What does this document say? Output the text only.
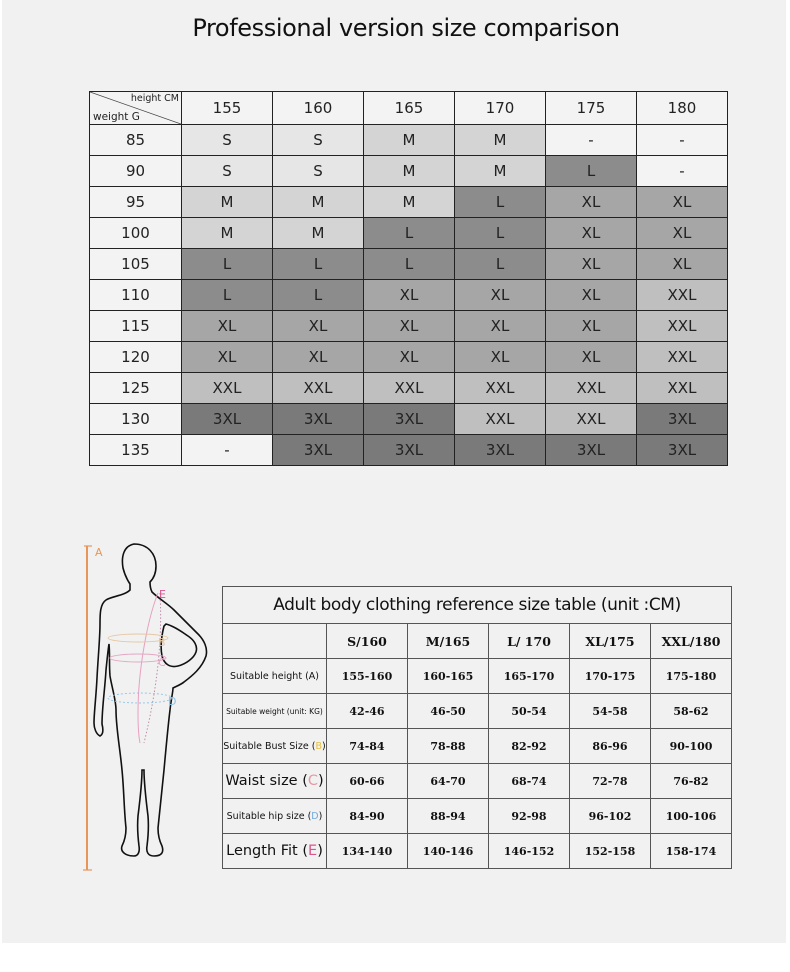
Professional version size comparison
height CM
weight G	155	160	165	170	175	180
85	S	S	M	M	-	-
90	S	S	M	M	L	-
95	M	M	M	L	XL	XL
100	M	M	L	L	XL	XL
105	L	L	L	L	XL	XL
110	L	L	XL	XL	XL	XXL
115	XL	XL	XL	XL	XL	XXL
120	XL	XL	XL	XL	XL	XXL
125	XXL	XXL	XXL	XXL	XXL	XXL
130	3XL	3XL	3XL	XXL	XXL	3XL
135	-	3XL	3XL	3XL	3XL	3XL
A
E
B
C
D
Adult body clothing reference size table (unit :CM)					
	S/160	M/165	L/ 170	XL/175	XXL/180
Suitable height (A)	155-160	160-165	165-170	170-175	175-180
Suitable weight (unit: KG)	42-46	46-50	50-54	54-58	58-62
Suitable Bust Size (B)	74-84	78-88	82-92	86-96	90-100
Waist size (C)	60-66	64-70	68-74	72-78	76-82
Suitable hip size (D)	84-90	88-94	92-98	96-102	100-106
Length Fit (E)	134-140	140-146	146-152	152-158	158-174
